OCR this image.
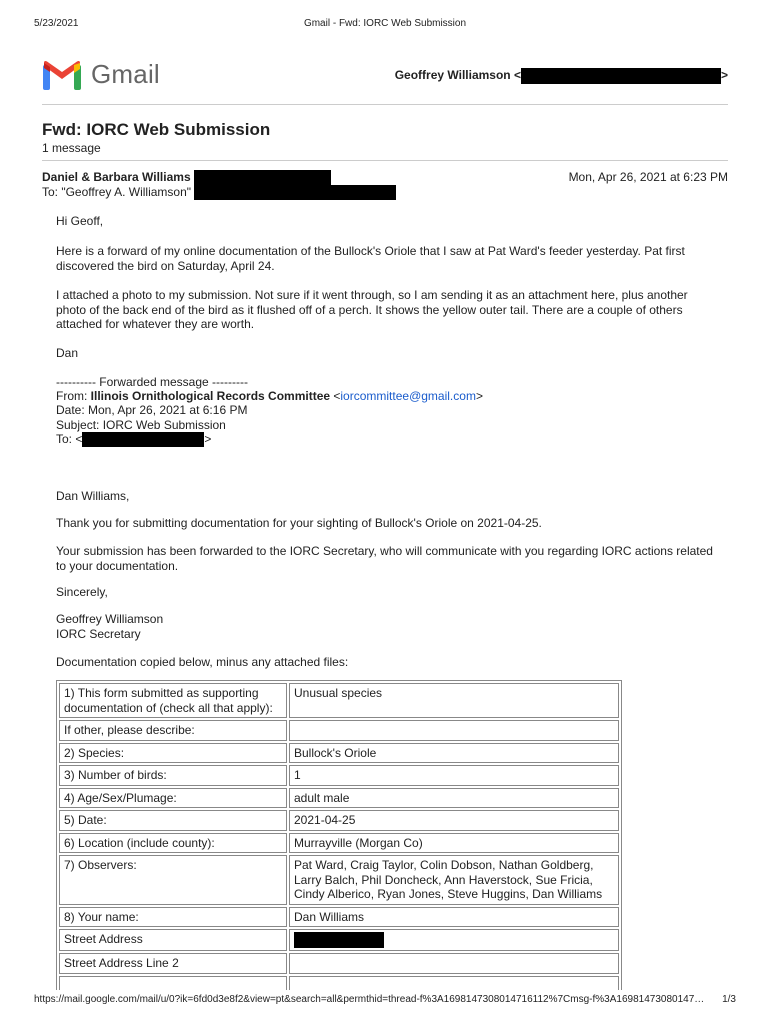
5/23/2021	Gmail - Fwd: IORC Web Submission
Gmail	Geoffrey Williamson <	>
Fwd: IORC Web Submission
1 message
Daniel & Barbara Williams
To: "Geoffrey A. Williamson"
Mon, Apr 26, 2021 at 6:23 PM
Hi Geoff,
Here is a forward of my online documentation of the Bullock's Oriole that I saw at Pat Ward's feeder yesterday. Pat first discovered the bird on Saturday, April 24.
I attached a photo to my submission. Not sure if it went through, so I am sending it as an attachment here, plus another photo of the back end of the bird as it flushed off of a perch. It shows the yellow outer tail. There are a couple of others attached for whatever they are worth.
Dan
---------- Forwarded message ---------
From: Illinois Ornithological Records Committee <iorcommittee@gmail.com>
Date: Mon, Apr 26, 2021 at 6:16 PM
Subject: IORC Web Submission
To: <	>
Dan Williams,
Thank you for submitting documentation for your sighting of Bullock's Oriole on 2021-04-25.
Your submission has been forwarded to the IORC Secretary, who will communicate with you regarding IORC actions related to your documentation.
Sincerely,
Geoffrey Williamson
IORC Secretary
Documentation copied below, minus any attached files:
1) This form submitted as supporting documentation of (check all that apply):	Unusual species
If other, please describe:	
2) Species:	Bullock's Oriole
3) Number of birds:	1
4) Age/Sex/Plumage:	adult male
5) Date:	2021-04-25
6) Location (include county):	Murrayville (Morgan Co)
7) Observers:	Pat Ward, Craig Taylor, Colin Dobson, Nathan Goldberg, Larry Balch, Phil Doncheck, Ann Haverstock, Sue Fricia, Cindy Alberico, Ryan Jones, Steve Huggins, Dan Williams
8) Your name:	Dan Williams
Street Address	
Street Address Line 2	

https://mail.google.com/mail/u/0?ik=6fd0d3e8f2&view=pt&search=all&permthid=thread-f%3A1698147308014716112%7Cmsg-f%3A16981473080147… 1/3
